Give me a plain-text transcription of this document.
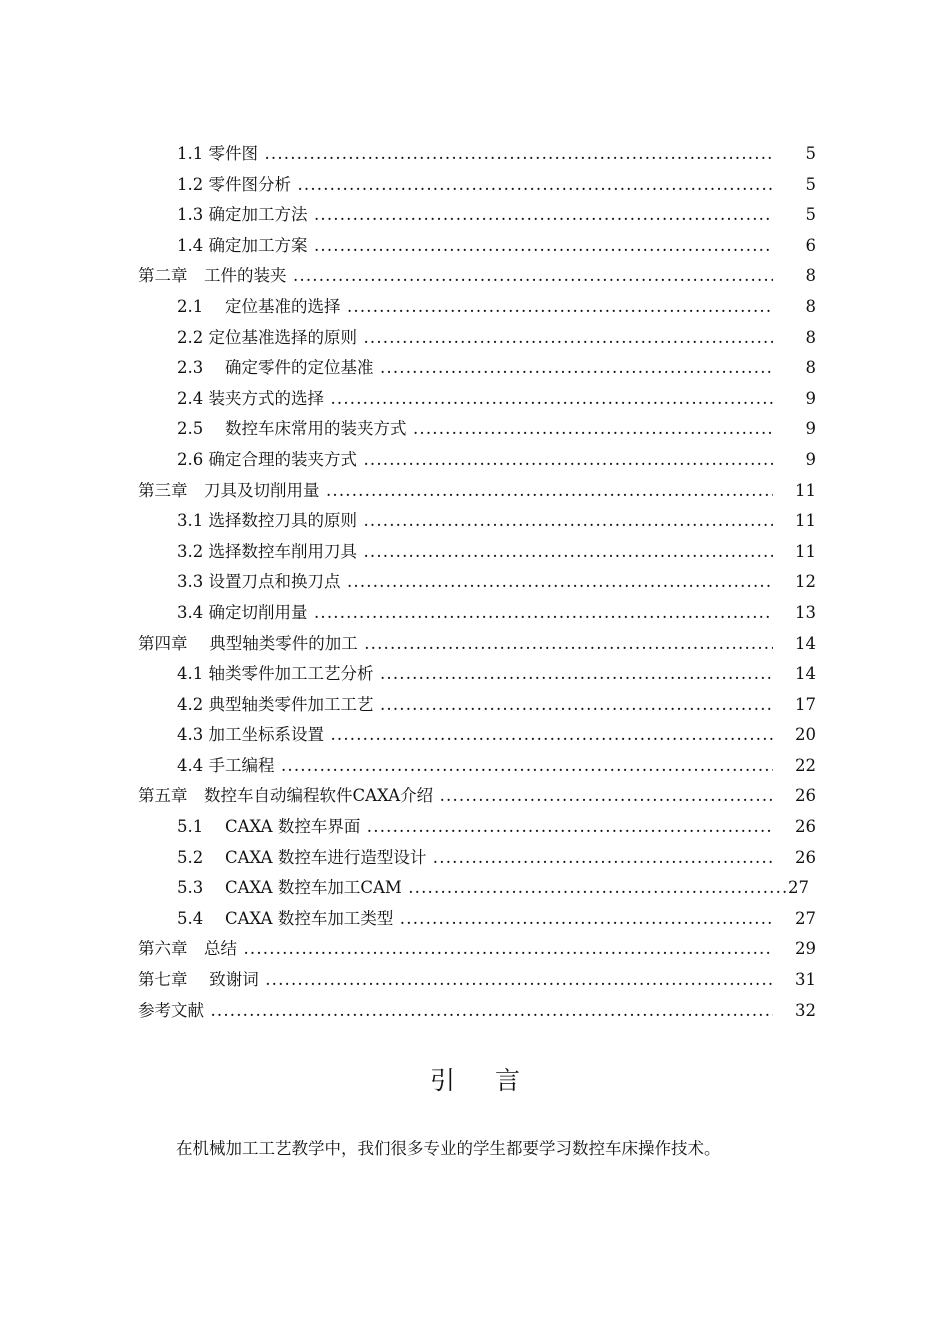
1.1 零件图 .....	5
1.2 零件图分析 .....	5
1.3 确定加工方法 .....	5
1.4 确定加工方案 .....	6
第二章　工件的装夹 .....	8
2.1　 定位基准的选择 .....	8
2.2 定位基准选择的原则 .....	8
2.3　 确定零件的定位基准 .....	8
2.4 装夹方式的选择 .....	9
2.5　 数控车床常用的装夹方式 .....	9
2.6 确定合理的装夹方式 .....	9
第三章　刀具及切削用量 .....	11
3.1 选择数控刀具的原则 .....	11
3.2 选择数控车削用刀具 .....	11
3.3 设置刀点和换刀点 .....	12
3.4 确定切削用量 .....	13
第四章　 典型轴类零件的加工 .....	14
4.1 轴类零件加工工艺分析 .....	14
4.2 典型轴类零件加工工艺 .....	17
4.3 加工坐标系设置 .....	20
4.4 手工编程 .....	22
第五章　数控车自动编程软件CAXA介绍 .....	26
5.1 　CAXA 数控车界面 .....	26
5.2 　CAXA 数控车进行造型设计 .....	26
5.3 　CAXA 数控车加工CAM .....	27
5.4 　CAXA 数控车加工类型 .....	27
第六章　总结 .....	29
第七章　 致谢词 .....	31
参考文献 .....	32
引言
在机械加工工艺教学中，我们很多专业的学生都要学习数控车床操作技术。
